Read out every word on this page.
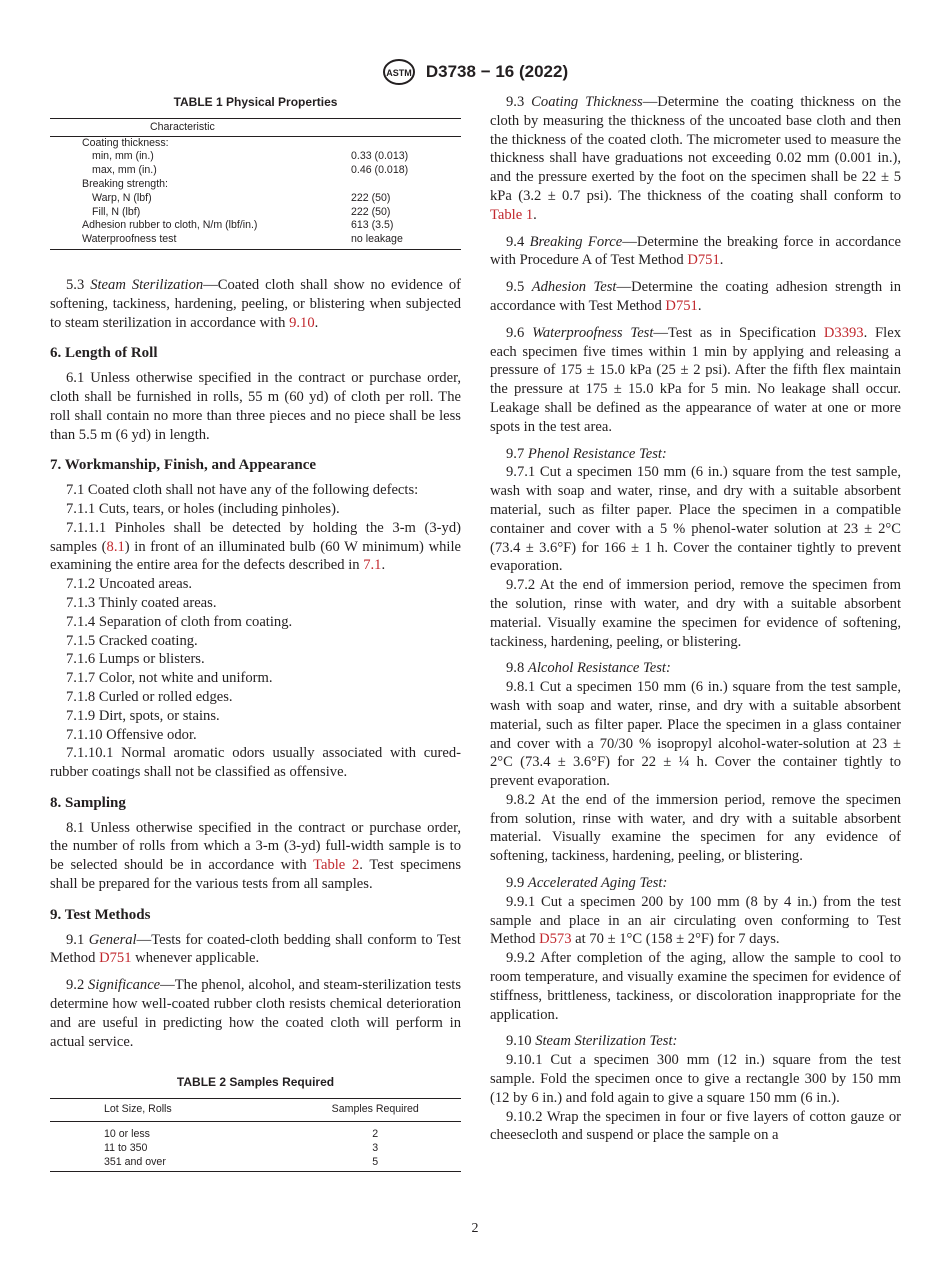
ASTM D3738 − 16 (2022)
TABLE 1 Physical Properties
Characteristic	
Coating thickness:	
min, mm (in.)	0.33 (0.013)
max, mm (in.)	0.46 (0.018)
Breaking strength:	
Warp, N (lbf)	222 (50)
Fill, N (lbf)	222 (50)
Adhesion rubber to cloth, N/m (lbf/in.)	613 (3.5)
Waterproofness test	no leakage

5.3 Steam Sterilization—Coated cloth shall show no evidence of softening, tackiness, hardening, peeling, or blistering when subjected to steam sterilization in accordance with 9.10.

6. Length of Roll

6.1 Unless otherwise specified in the contract or purchase order, cloth shall be furnished in rolls, 55 m (60 yd) of cloth per roll. The roll shall contain no more than three pieces and no piece shall be less than 5.5 m (6 yd) in length.

7. Workmanship, Finish, and Appearance

7.1 Coated cloth shall not have any of the following defects:

7.1.1 Cuts, tears, or holes (including pinholes).

7.1.1.1 Pinholes shall be detected by holding the 3-m (3-yd) samples (8.1) in front of an illuminated bulb (60 W minimum) while examining the entire area for the defects described in 7.1.

7.1.2 Uncoated areas.

7.1.3 Thinly coated areas.

7.1.4 Separation of cloth from coating.

7.1.5 Cracked coating.

7.1.6 Lumps or blisters.

7.1.7 Color, not white and uniform.

7.1.8 Curled or rolled edges.

7.1.9 Dirt, spots, or stains.

7.1.10 Offensive odor.

7.1.10.1 Normal aromatic odors usually associated with cured-rubber coatings shall not be classified as offensive.

8. Sampling

8.1 Unless otherwise specified in the contract or purchase order, the number of rolls from which a 3-m (3-yd) full-width sample is to be selected should be in accordance with Table 2. Test specimens shall be prepared for the various tests from all samples.

9. Test Methods

9.1 General—Tests for coated-cloth bedding shall conform to Test Method D751 whenever applicable.

9.2 Significance—The phenol, alcohol, and steam-sterilization tests determine how well-coated rubber cloth resists chemical deterioration and are useful in predicting how the coated cloth will perform in actual service.

TABLE 2 Samples Required
Lot Size, Rolls	Samples Required
10 or less	2
11 to 350	3
351 and over	5

9.3 Coating Thickness—Determine the coating thickness on the cloth by measuring the thickness of the uncoated base cloth and then the thickness of the coated cloth. The micrometer used to measure the thickness shall have graduations not exceeding 0.02 mm (0.001 in.), and the pressure exerted by the foot on the specimen shall be 22 ± 5 kPa (3.2 ± 0.7 psi). The thickness of the coating shall conform to Table 1.

9.4 Breaking Force—Determine the breaking force in accordance with Procedure A of Test Method D751.

9.5 Adhesion Test—Determine the coating adhesion strength in accordance with Test Method D751.

9.6 Waterproofness Test—Test as in Specification D3393. Flex each specimen five times within 1 min by applying and releasing a pressure of 175 ± 15.0 kPa (25 ± 2 psi). After the fifth flex maintain the pressure at 175 ± 15.0 kPa for 5 min. No leakage shall occur. Leakage shall be defined as the appearance of water at one or more spots in the test area.

9.7 Phenol Resistance Test:

9.7.1 Cut a specimen 150 mm (6 in.) square from the test sample, wash with soap and water, rinse, and dry with a suitable absorbent material, such as filter paper. Place the specimen in a compatible container and cover with a 5 % phenol-water solution at 23 ± 2°C (73.4 ± 3.6°F) for 166 ± 1 h. Cover the container tightly to prevent evaporation.

9.7.2 At the end of immersion period, remove the specimen from the solution, rinse with water, and dry with a suitable absorbent material. Visually examine the specimen for evidence of softening, tackiness, hardening, peeling, or blistering.

9.8 Alcohol Resistance Test:

9.8.1 Cut a specimen 150 mm (6 in.) square from the test sample, wash with soap and water, rinse, and dry with a suitable absorbent material, such as filter paper. Place the specimen in a glass container and cover with a 70/30 % isopropyl alcohol-water-solution at 23 ± 2°C (73.4 ± 3.6°F) for 22 ± ¼ h. Cover the container tightly to prevent evaporation.

9.8.2 At the end of the immersion period, remove the specimen from solution, rinse with water, and dry with a suitable absorbent material. Visually examine the specimen for any evidence of softening, tackiness, hardening, peeling, or blistering.

9.9 Accelerated Aging Test:

9.9.1 Cut a specimen 200 by 100 mm (8 by 4 in.) from the test sample and place in an air circulating oven conforming to Test Method D573 at 70 ± 1°C (158 ± 2°F) for 7 days.

9.9.2 After completion of the aging, allow the sample to cool to room temperature, and visually examine the specimen for evidence of stiffness, brittleness, tackiness, or discoloration inappropriate for the application.

9.10 Steam Sterilization Test:

9.10.1 Cut a specimen 300 mm (12 in.) square from the test sample. Fold the specimen once to give a rectangle 300 by 150 mm (12 by 6 in.) and fold again to give a square 150 mm (6 in.).

9.10.2 Wrap the specimen in four or five layers of cotton gauze or cheesecloth and suspend or place the sample on a

2
